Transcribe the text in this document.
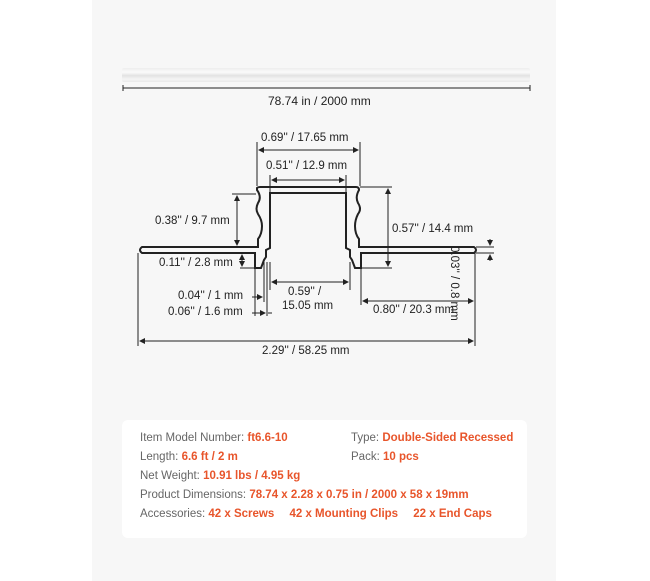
78.74 in / 2000 mm
0.69'' / 17.65 mm
0.51'' / 12.9 mm
0.38'' / 9.7 mm
0.57'' / 14.4 mm
0.03'' / 0.8 mm
0.11'' / 2.8 mm
0.04'' / 1 mm
0.06'' / 1.6 mm
0.59'' /
15.05 mm	0.80'' / 20.3 mm
2.29'' / 58.25 mm
Item Model Number: ft6.6-10	Type: Double-Sided Recessed
Length: 6.6 ft / 2 m	Pack: 10 pcs
Net Weight: 10.91 lbs / 4.95 kg
Product Dimensions: 78.74 x 2.28 x 0.75 in / 2000 x 58 x 19mm
Accessories: 42 x Screws 42 x Mounting Clips 22 x End Caps
